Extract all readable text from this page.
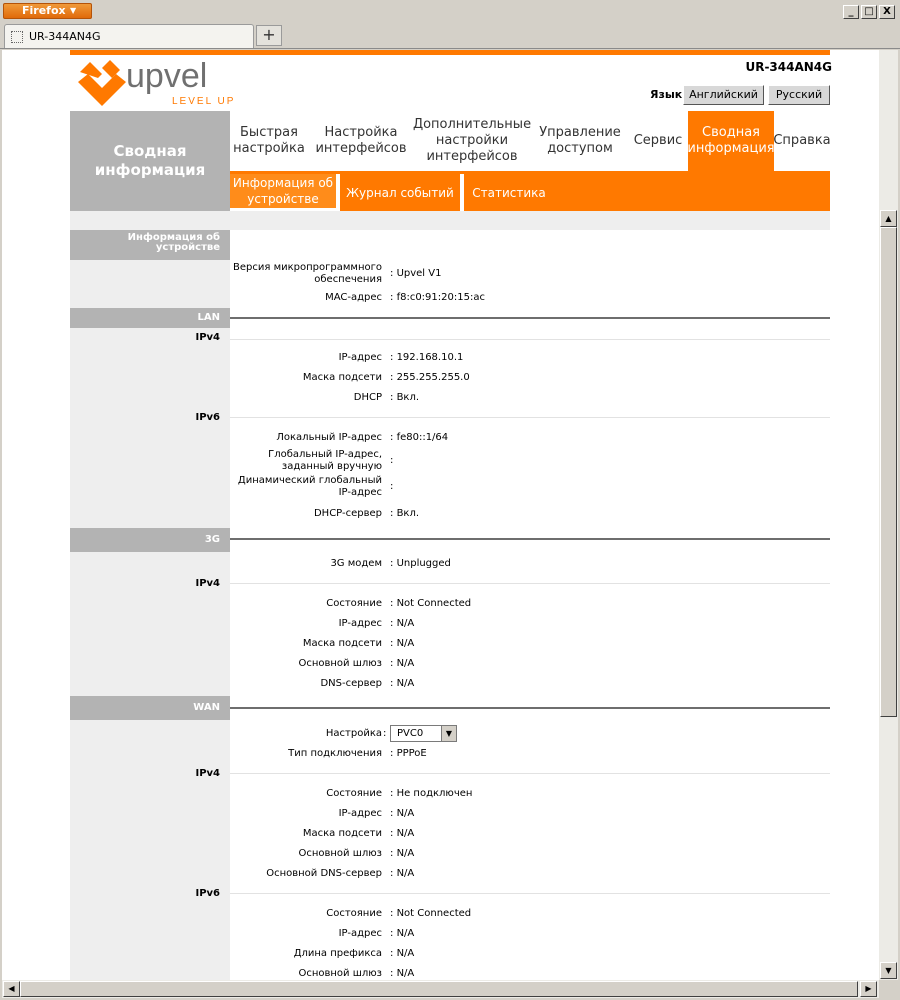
Firefox ▼	_	□ X
UR-344AN4G	+
UR-344AN4G
upvel
LEVEL UP
Язык Английский	Русский
Сводная информация
Быстрая настройка
Настройка интерфейсов
Дополнительные настройки интерфейсов
Управление доступом
Сервис
Сводная информация
Справка
Информация об устройстве	Журнал событий	Статистика
Информация об устройстве
Версия микропрограммного обеспечения
: Upvel V1
MAC-адрес : f8:c0:91:20:15:ac
LAN
IPv4
IP-адрес : 192.168.10.1
Маска подсети : 255.255.255.0
DHCP : Вкл.
IPv6
Локальный IP-адрес : fe80::1/64
Глобальный IP-адрес, заданный вручную
:
Динамический глобальный IP-адрес
:
DHCP-сервер : Вкл.
3G
3G модем : Unplugged
IPv4
Состояние : Not Connected
IP-адрес : N/A
Маска подсети : N/A
Основной шлюз : N/A
DNS-сервер : N/A
WAN
Настройка :	PVC0	▼
Тип подключения : PPPoE
IPv4
Состояние : Не подключен
IP-адрес : N/A
Маска подсети : N/A
Основной шлюз : N/A
Основной DNS-сервер : N/A
IPv6
Состояние : Not Connected
IP-адрес : N/A
Длина префикса : N/A
Основной шлюз : N/A
▲
▼
◀	▶
